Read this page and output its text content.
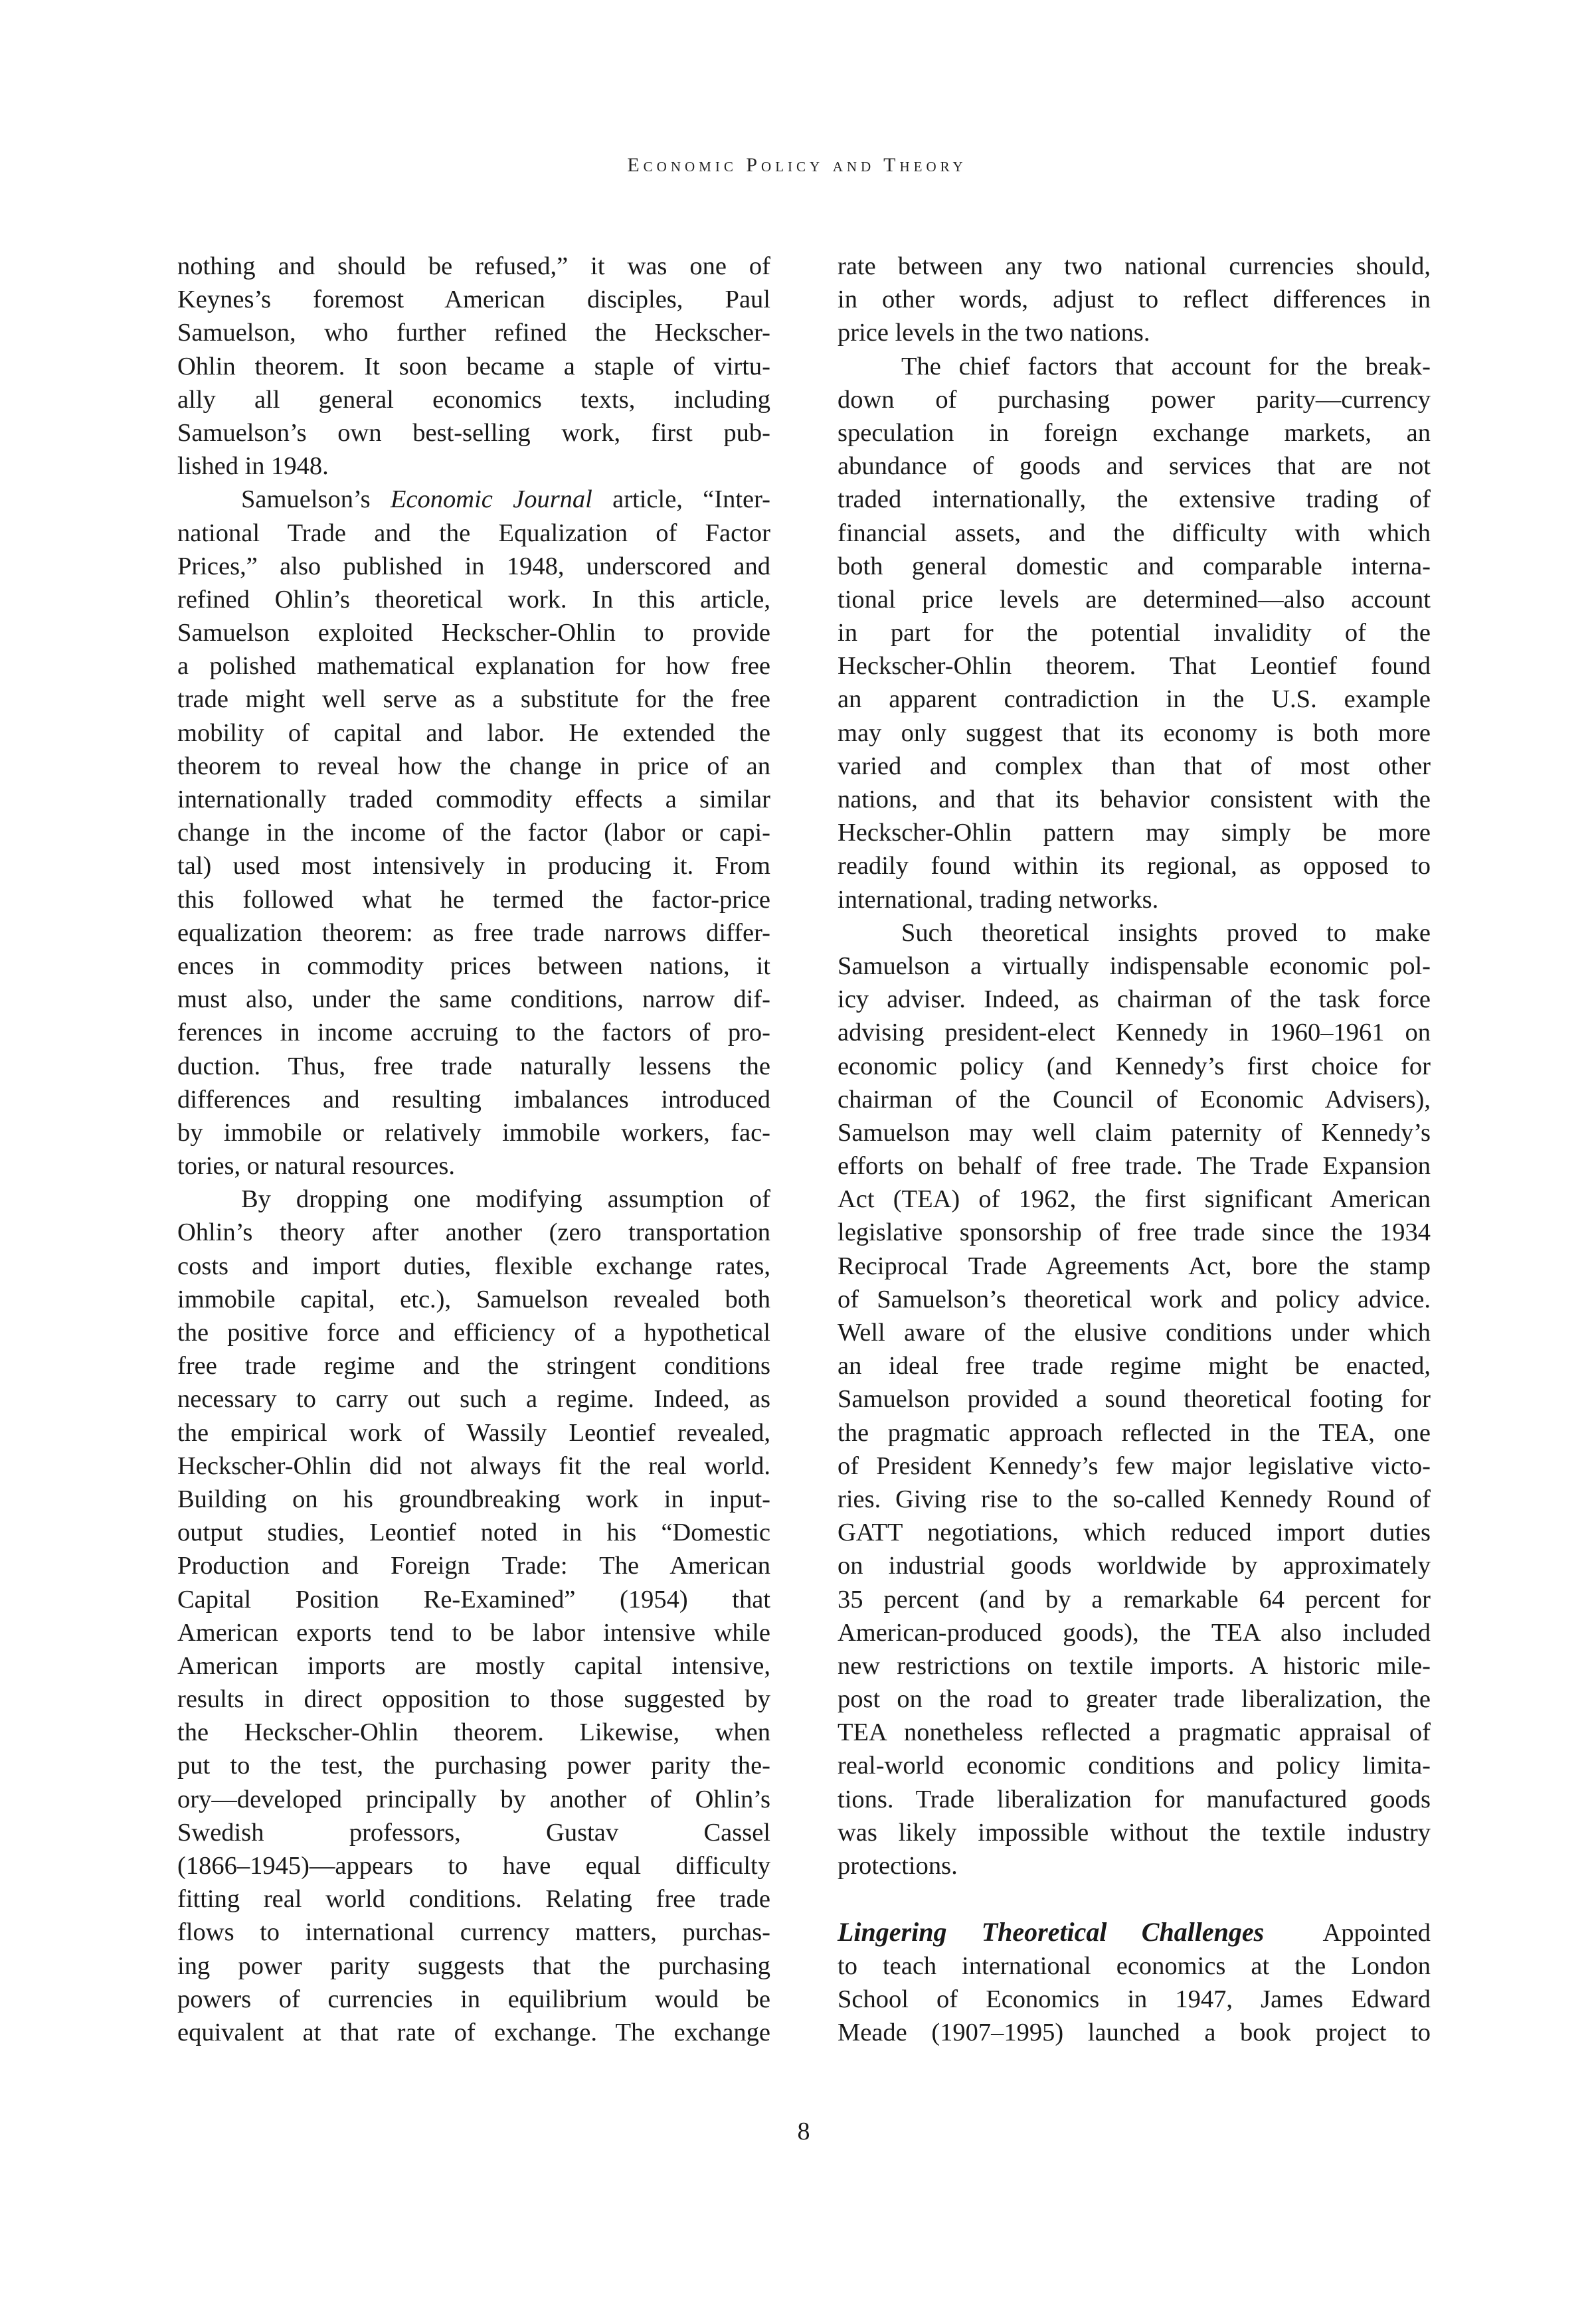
Economic Policy and Theory
nothing and should be refused,” it was one of
Keynes’s foremost American disciples, Paul
Samuelson, who further refined the Heckscher-
Ohlin theorem. It soon became a staple of virtu-
ally all general economics texts, including
Samuelson’s own best-selling work, first pub-
lished in 1948.
Samuelson’s Economic Journal article, “Inter-
national Trade and the Equalization of Factor
Prices,” also published in 1948, underscored and
refined Ohlin’s theoretical work. In this article,
Samuelson exploited Heckscher-Ohlin to provide
a polished mathematical explanation for how free
trade might well serve as a substitute for the free
mobility of capital and labor. He extended the
theorem to reveal how the change in price of an
internationally traded commodity effects a similar
change in the income of the factor (labor or capi-
tal) used most intensively in producing it. From
this followed what he termed the factor-price
equalization theorem: as free trade narrows differ-
ences in commodity prices between nations, it
must also, under the same conditions, narrow dif-
ferences in income accruing to the factors of pro-
duction. Thus, free trade naturally lessens the
differences and resulting imbalances introduced
by immobile or relatively immobile workers, fac-
tories, or natural resources.
By dropping one modifying assumption of
Ohlin’s theory after another (zero transportation
costs and import duties, flexible exchange rates,
immobile capital, etc.), Samuelson revealed both
the positive force and efficiency of a hypothetical
free trade regime and the stringent conditions
necessary to carry out such a regime. Indeed, as
the empirical work of Wassily Leontief revealed,
Heckscher-Ohlin did not always fit the real world.
Building on his groundbreaking work in input-
output studies, Leontief noted in his “Domestic
Production and Foreign Trade: The American
Capital Position Re-Examined” (1954) that
American exports tend to be labor intensive while
American imports are mostly capital intensive,
results in direct opposition to those suggested by
the Heckscher-Ohlin theorem. Likewise, when
put to the test, the purchasing power parity the-
ory—developed principally by another of Ohlin’s
Swedish professors, Gustav Cassel
(1866–1945)—appears to have equal difficulty
fitting real world conditions. Relating free trade
flows to international currency matters, purchas-
ing power parity suggests that the purchasing
powers of currencies in equilibrium would be
equivalent at that rate of exchange. The exchange
rate between any two national currencies should,
in other words, adjust to reflect differences in
price levels in the two nations.
The chief factors that account for the break-
down of purchasing power parity—currency
speculation in foreign exchange markets, an
abundance of goods and services that are not
traded internationally, the extensive trading of
financial assets, and the difficulty with which
both general domestic and comparable interna-
tional price levels are determined—also account
in part for the potential invalidity of the
Heckscher-Ohlin theorem. That Leontief found
an apparent contradiction in the U.S. example
may only suggest that its economy is both more
varied and complex than that of most other
nations, and that its behavior consistent with the
Heckscher-Ohlin pattern may simply be more
readily found within its regional, as opposed to
international, trading networks.
Such theoretical insights proved to make
Samuelson a virtually indispensable economic pol-
icy adviser. Indeed, as chairman of the task force
advising president-elect Kennedy in 1960–1961 on
economic policy (and Kennedy’s first choice for
chairman of the Council of Economic Advisers),
Samuelson may well claim paternity of Kennedy’s
efforts on behalf of free trade. The Trade Expansion
Act (TEA) of 1962, the first significant American
legislative sponsorship of free trade since the 1934
Reciprocal Trade Agreements Act, bore the stamp
of Samuelson’s theoretical work and policy advice.
Well aware of the elusive conditions under which
an ideal free trade regime might be enacted,
Samuelson provided a sound theoretical footing for
the pragmatic approach reflected in the TEA, one
of President Kennedy’s few major legislative victo-
ries. Giving rise to the so-called Kennedy Round of
GATT negotiations, which reduced import duties
on industrial goods worldwide by approximately
35 percent (and by a remarkable 64 percent for
American-produced goods), the TEA also included
new restrictions on textile imports. A historic mile-
post on the road to greater trade liberalization, the
TEA nonetheless reflected a pragmatic appraisal of
real-world economic conditions and policy limita-
tions. Trade liberalization for manufactured goods
was likely impossible without the textile industry
protections.
Lingering Theoretical Challenges  Appointed
to teach international economics at the London
School of Economics in 1947, James Edward
Meade (1907–1995) launched a book project to
8
